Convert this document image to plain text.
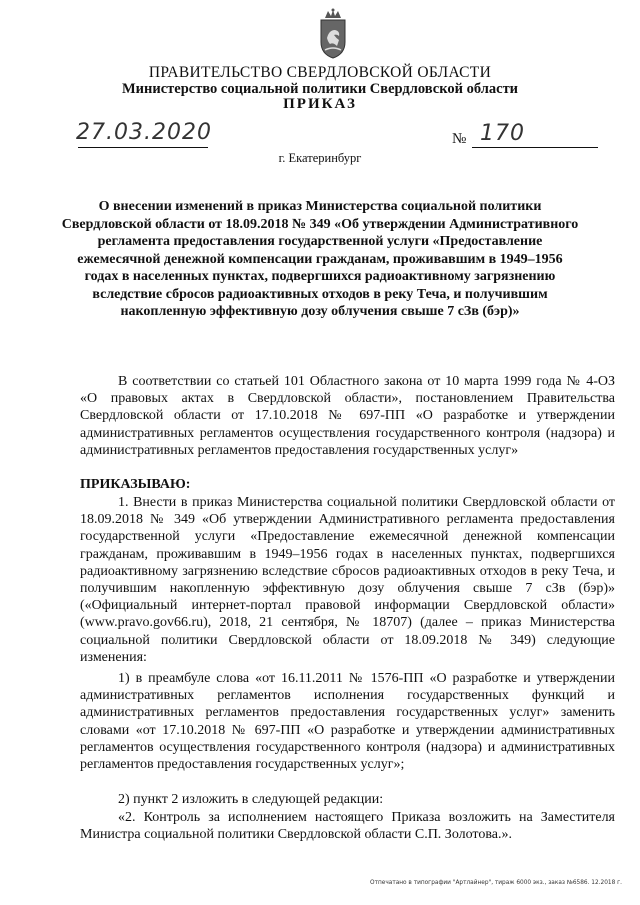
ПРАВИТЕЛЬСТВО СВЕРДЛОВСКОЙ ОБЛАСТИ
Министерство социальной политики Свердловской области
ПРИКАЗ
27.03.2020	№ 170
г. Екатеринбург
О внесении изменений в приказ Министерства социальной политики Свердловской области от 18.09.2018 № 349 «Об утверждении Административного регламента предоставления государственной услуги «Предоставление ежемесячной денежной компенсации гражданам, проживавшим в 1949–1956 годах в населенных пунктах, подвергшихся радиоактивному загрязнению вследствие сбросов радиоактивных отходов в реку Теча, и получившим накопленную эффективную дозу облучения свыше 7 сЗв (бэр)»
В соответствии со статьей 101 Областного закона от 10 марта 1999 года № 4-ОЗ «О правовых актах в Свердловской области», постановлением Правительства Свердловской области от 17.10.2018 № 697-ПП «О разработке и утверждении административных регламентов осуществления государственного контроля (надзора) и административных регламентов предоставления государственных услуг»
ПРИКАЗЫВАЮ:
1. Внести в приказ Министерства социальной политики Свердловской области от 18.09.2018 № 349 «Об утверждении Административного регламента предоставления государственной услуги «Предоставление ежемесячной денежной компенсации гражданам, проживавшим в 1949–1956 годах в населенных пунктах, подвергшихся радиоактивному загрязнению вследствие сбросов радиоактивных отходов в реку Теча, и получившим накопленную эффективную дозу облучения свыше 7 сЗв (бэр)» («Официальный интернет-портал правовой информации Свердловской области» (www.pravo.gov66.ru), 2018, 21 сентября, № 18707) (далее – приказ Министерства социальной политики Свердловской области от 18.09.2018 № 349) следующие изменения:
1) в преамбуле слова «от 16.11.2011 № 1576-ПП «О разработке и утверждении административных регламентов исполнения государственных функций и административных регламентов предоставления государственных услуг» заменить словами «от 17.10.2018 № 697-ПП «О разработке и утверждении административных регламентов осуществления государственного контроля (надзора) и административных регламентов предоставления государственных услуг»;
2) пункт 2 изложить в следующей редакции:
«2. Контроль за исполнением настоящего Приказа возложить на Заместителя Министра социальной политики Свердловской области С.П. Золотова.».
Отпечатано в типографии "Артлайнер", тираж 6000 экз., заказ №6586. 12.2018 г.
